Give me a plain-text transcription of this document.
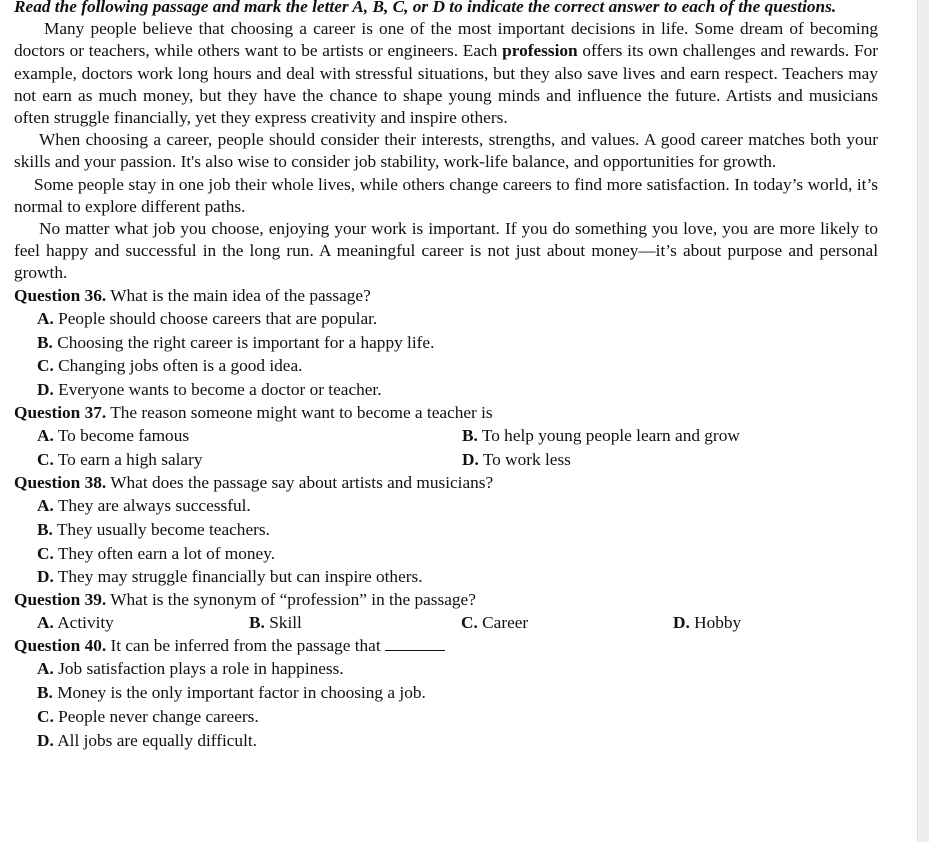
Read the following passage and mark the letter A, B, C, or D to indicate the correct answer to each of the questions.
Many people believe that choosing a career is one of the most important decisions in life. Some dream of becoming doctors or teachers, while others want to be artists or engineers. Each profession offers its own challenges and rewards. For example, doctors work long hours and deal with stressful situations, but they also save lives and earn respect. Teachers may not earn as much money, but they have the chance to shape young minds and influence the future. Artists and musicians often struggle financially, yet they express creativity and inspire others.
When choosing a career, people should consider their interests, strengths, and values. A good career matches both your skills and your passion. It's also wise to consider job stability, work-life balance, and opportunities for growth.
Some people stay in one job their whole lives, while others change careers to find more satisfaction. In today’s world, it’s normal to explore different paths.
No matter what job you choose, enjoying your work is important. If you do something you love, you are more likely to feel happy and successful in the long run. A meaningful career is not just about money—it’s about purpose and personal growth.
Question 36. What is the main idea of the passage?
A. People should choose careers that are popular.
B. Choosing the right career is important for a happy life.
C. Changing jobs often is a good idea.
D. Everyone wants to become a doctor or teacher.
Question 37. The reason someone might want to become a teacher is
A. To become famous	B. To help young people learn and grow
C. To earn a high salary	D. To work less
Question 38. What does the passage say about artists and musicians?
A. They are always successful.
B. They usually become teachers.
C. They often earn a lot of money.
D. They may struggle financially but can inspire others.
Question 39. What is the synonym of “profession” in the passage?
A. Activity	B. Skill	C. Career	D. Hobby
Question 40. It can be inferred from the passage that
A. Job satisfaction plays a role in happiness.
B. Money is the only important factor in choosing a job.
C. People never change careers.
D. All jobs are equally difficult.
